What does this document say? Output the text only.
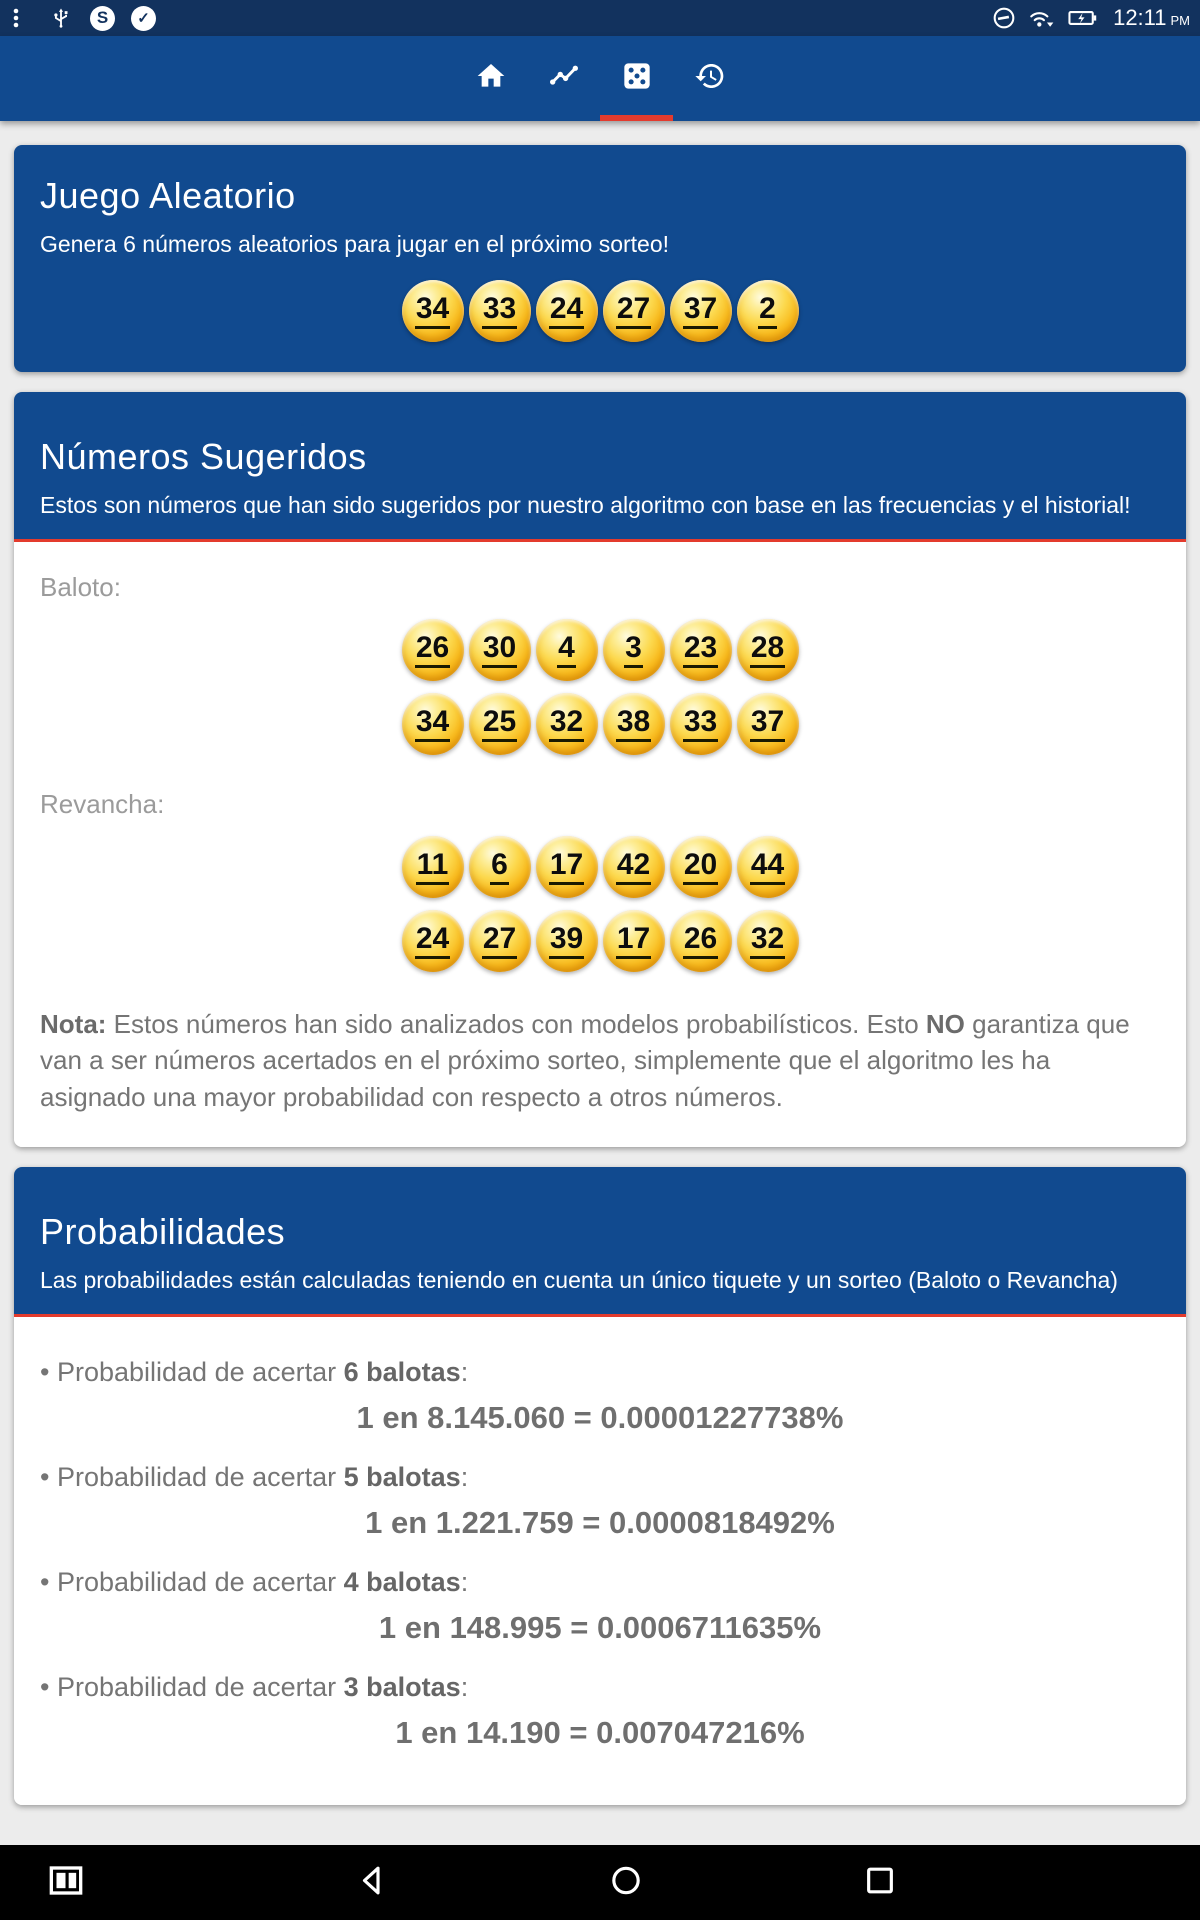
S	✓	12:11 PM
Juego Aleatorio

Genera 6 números aleatorios para jugar en el próximo sorteo!

34 33 24 27 37 2
Números Sugeridos

Estos son números que han sido sugeridos por nuestro algoritmo con base en las frecuencias y el historial!

Baloto:
26 30 4 3 23 28
34 25 32 38 33 37
Revancha:
11 6 17 42 20 44
24 27 39 17 26 32

Nota: Estos números han sido analizados con modelos probabilísticos. Esto NO garantiza que van a ser números acertados en el próximo sorteo, simplemente que el algoritmo les ha asignado una mayor probabilidad con respecto a otros números.

Probabilidades

Las probabilidades están calculadas teniendo en cuenta un único tiquete y un sorteo (Baloto o Revancha)

• Probabilidad de acertar 6 balotas:
1 en 8.145.060 = 0.00001227738%
• Probabilidad de acertar 5 balotas:
1 en 1.221.759 = 0.0000818492%
• Probabilidad de acertar 4 balotas:
1 en 148.995 = 0.0006711635%
• Probabilidad de acertar 3 balotas:
1 en 14.190 = 0.007047216%
